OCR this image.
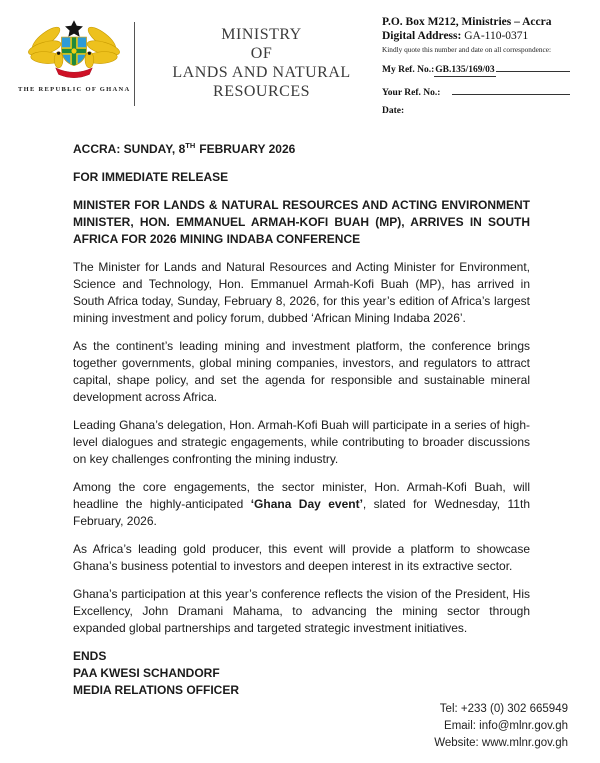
THE REPUBLIC OF GHANA
MINISTRY
OF
LANDS AND NATURAL
RESOURCES
P.O. Box M212, Ministries – Accra
Digital Address: GA-110-0371
Kindly quote this number and date on all correspondence:
My Ref. No.: GB.135/169/03
Your Ref. No.:
Date:
ACCRA: SUNDAY, 8TH FEBRUARY 2026
FOR IMMEDIATE RELEASE
MINISTER FOR LANDS & NATURAL RESOURCES AND ACTING ENVIRONMENT MINISTER, HON. EMMANUEL ARMAH-KOFI BUAH (MP), ARRIVES IN SOUTH AFRICA FOR 2026 MINING INDABA CONFERENCE

The Minister for Lands and Natural Resources and Acting Minister for Environment, Science and Technology, Hon. Emmanuel Armah-Kofi Buah (MP), has arrived in South Africa today, Sunday, February 8, 2026, for this year’s edition of Africa’s largest mining investment and policy forum, dubbed ‘African Mining Indaba 2026’.

As the continent’s leading mining and investment platform, the conference brings together governments, global mining companies, investors, and regulators to attract capital, shape policy, and set the agenda for responsible and sustainable mineral development across Africa.

Leading Ghana’s delegation, Hon. Armah-Kofi Buah will participate in a series of high-level dialogues and strategic engagements, while contributing to broader discussions on key challenges confronting the mining industry.

Among the core engagements, the sector minister, Hon. Armah-Kofi Buah, will headline the highly-anticipated ‘Ghana Day event’, slated for Wednesday, 11th February, 2026.

As Africa’s leading gold producer, this event will provide a platform to showcase Ghana’s business potential to investors and deepen interest in its extractive sector.

Ghana’s participation at this year’s conference reflects the vision of the President, His Excellency, John Dramani Mahama, to advancing the mining sector through expanded global partnerships and targeted strategic investment initiatives.

ENDS
PAA KWESI SCHANDORF
MEDIA RELATIONS OFFICER
Tel: +233 (0) 302 665949
Email: info@mlnr.gov.gh
Website: www.mlnr.gov.gh
